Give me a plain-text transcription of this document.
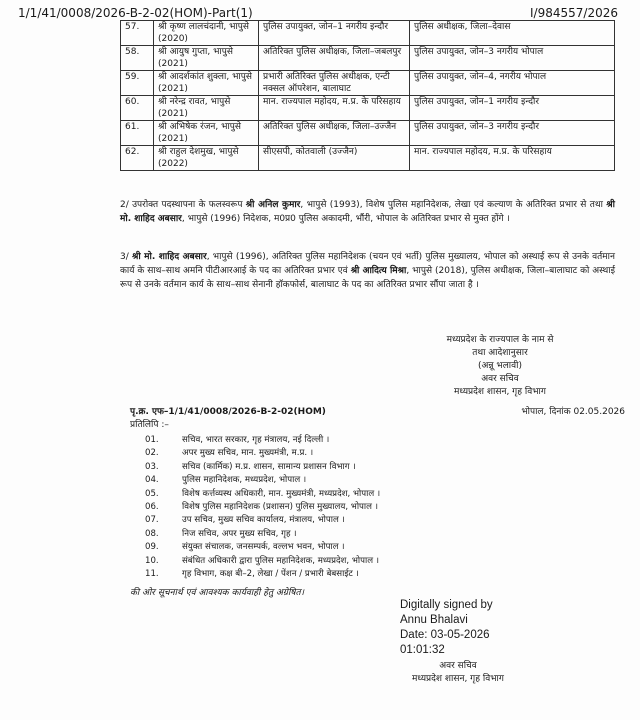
1/1/41/0008/2026-B-2-02(HOM)-Part(1)	I/984557/2026
57.	श्री कृष्ण लालचंदानी, भापुसे (2020)	पुलिस उपायुक्त, जोन–1 नगरीय इन्दौर	पुलिस अधीक्षक, जिला–देवास
58.	श्री आयुष गुप्ता, भापुसे (2021)	अतिरिक्त पुलिस अधीक्षक, जिला–जबलपुर	पुलिस उपायुक्त, जोन–3 नगरीय भोपाल
59.	श्री आदर्शकांत शुक्ला, भापुसे (2021)	प्रभारी अतिरिक्त पुलिस अधीक्षक, एन्टी नक्सल ऑपरेशन, बालाघाट	पुलिस उपायुक्त, जोन–4, नगरीय भोपाल
60.	श्री नरेन्द्र रावत, भापुसे (2021)	मान. राज्यपाल महोदय, म.प्र. के परिसहाय	पुलिस उपायुक्त, जोन–1 नगरीय इन्दौर
61.	श्री अभिषेक रंजन, भापुसे (2021)	अतिरिक्त पुलिस अधीक्षक, जिला–उज्जैन	पुलिस उपायुक्त, जोन–3 नगरीय इन्दौर
62.	श्री राहुल देशमुख, भापुसे (2022)	सीएसपी, कोतवाली (उज्जैन)	मान. राज्यपाल महोदय, म.प्र. के परिसहाय
2/ उपरोक्त पदस्थापना के फलस्वरूप श्री अनिल कुमार, भापुसे (1993), विशेष पुलिस महानिदेशक, लेखा एवं कल्याण के अतिरिक्त प्रभार से तथा श्री मो. शाहिद अबसार, भापुसे (1996) निदेशक, म0प्र0 पुलिस अकादमी, भौंरी, भोपाल के अतिरिक्त प्रभार से मुक्त होंगे ।
3/ श्री मो. शाहिद अबसार, भापुसे (1996), अतिरिक्त पुलिस महानिदेशक (चयन एवं भर्ती) पुलिस मुख्यालय, भोपाल को अस्थाई रूप से उनके वर्तमान कार्य के साथ–साथ अमनि पीटीआरआई के पद का अतिरिक्त प्रभार एवं श्री आदित्य मिश्रा, भापुसे (2018), पुलिस अधीक्षक, जिला–बालाघाट को अस्थाई रूप से उनके वर्तमान कार्य के साथ–साथ सेनानी हॉकफोर्स, बालाघाट के पद का अतिरिक्त प्रभार सौंपा जाता है ।
मध्यप्रदेश के राज्यपाल के नाम से
तथा आदेशानुसार
(अन्नू भलावी)
अवर सचिव
मध्यप्रदेश शासन, गृह विभाग
पृ.क्र. एफ–1/1/41/0008/2026-B-2-02(HOM)	भोपाल, दिनांक 02.05.2026
प्रतिलिपि :–
01.	सचिव, भारत सरकार, गृह मंत्रालय, नई दिल्ली ।
02.	अपर मुख्य सचिव, मान. मुख्यमंत्री, म.प्र. ।
03.	सचिव (कार्मिक) म.प्र. शासन, सामान्य प्रशासन विभाग ।
04.	पुलिस महानिदेशक, मध्यप्रदेश, भोपाल ।
05.	विशेष कर्त्तव्यस्थ अधिकारी, मान. मुख्यमंत्री, मध्यप्रदेश, भोपाल ।
06.	विशेष पुलिस महानिदेशक (प्रशासन) पुलिस मुख्यालय, भोपाल ।
07.	उप सचिव, मुख्य सचिव कार्यालय, मंत्रालय, भोपाल ।
08.	निज सचिव, अपर मुख्य सचिव, गृह ।
09.	संयुक्त संचालक, जनसम्पर्क, वल्लभ भवन, भोपाल ।
10.	संबंधित अधिकारी द्वारा पुलिस महानिदेशक, मध्यप्रदेश, भोपाल ।
11.	गृह विभाग, कक्ष बी–2, लेखा / पेंशन / प्रभारी बेबसाईट ।
की ओर सूचनार्थ एवं आवश्यक कार्यवाही हेतु अग्रेषित।
Digitally signed by
Annu Bhalavi
Date: 03-05-2026
01:01:32
अवर सचिव
मध्यप्रदेश शासन, गृह विभाग
